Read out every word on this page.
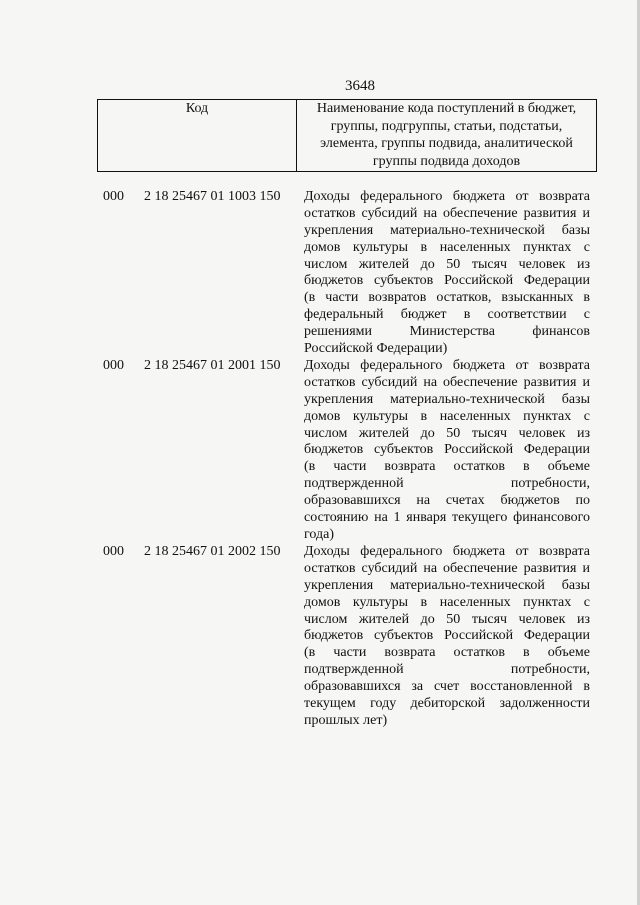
3648
Код	Наименование кода поступлений в бюджет,
группы, подгруппы, статьи, подстатьи,
элемента, группы подвида, аналитической
группы подвида доходов
000 2 18 25467 01 1003 150 Доходы федерального бюджета от возврата
остатков субсидий на обеспечение развития и
укрепления материально-технической базы
домов культуры в населенных пунктах с
числом жителей до 50 тысяч человек из
бюджетов субъектов Российской Федерации
(в части возвратов остатков, взысканных в
федеральный бюджет в соответствии с
решениями Министерства финансов
Российской Федерации)
000 2 18 25467 01 2001 150 Доходы федерального бюджета от возврата
остатков субсидий на обеспечение развития и
укрепления материально-технической базы
домов культуры в населенных пунктах с
числом жителей до 50 тысяч человек из
бюджетов субъектов Российской Федерации
(в части возврата остатков в объеме
подтвержденной потребности,
образовавшихся на счетах бюджетов по
состоянию на 1 января текущего финансового
года)
000 2 18 25467 01 2002 150 Доходы федерального бюджета от возврата
остатков субсидий на обеспечение развития и
укрепления материально-технической базы
домов культуры в населенных пунктах с
числом жителей до 50 тысяч человек из
бюджетов субъектов Российской Федерации
(в части возврата остатков в объеме
подтвержденной потребности,
образовавшихся за счет восстановленной в
текущем году дебиторской задолженности
прошлых лет)
